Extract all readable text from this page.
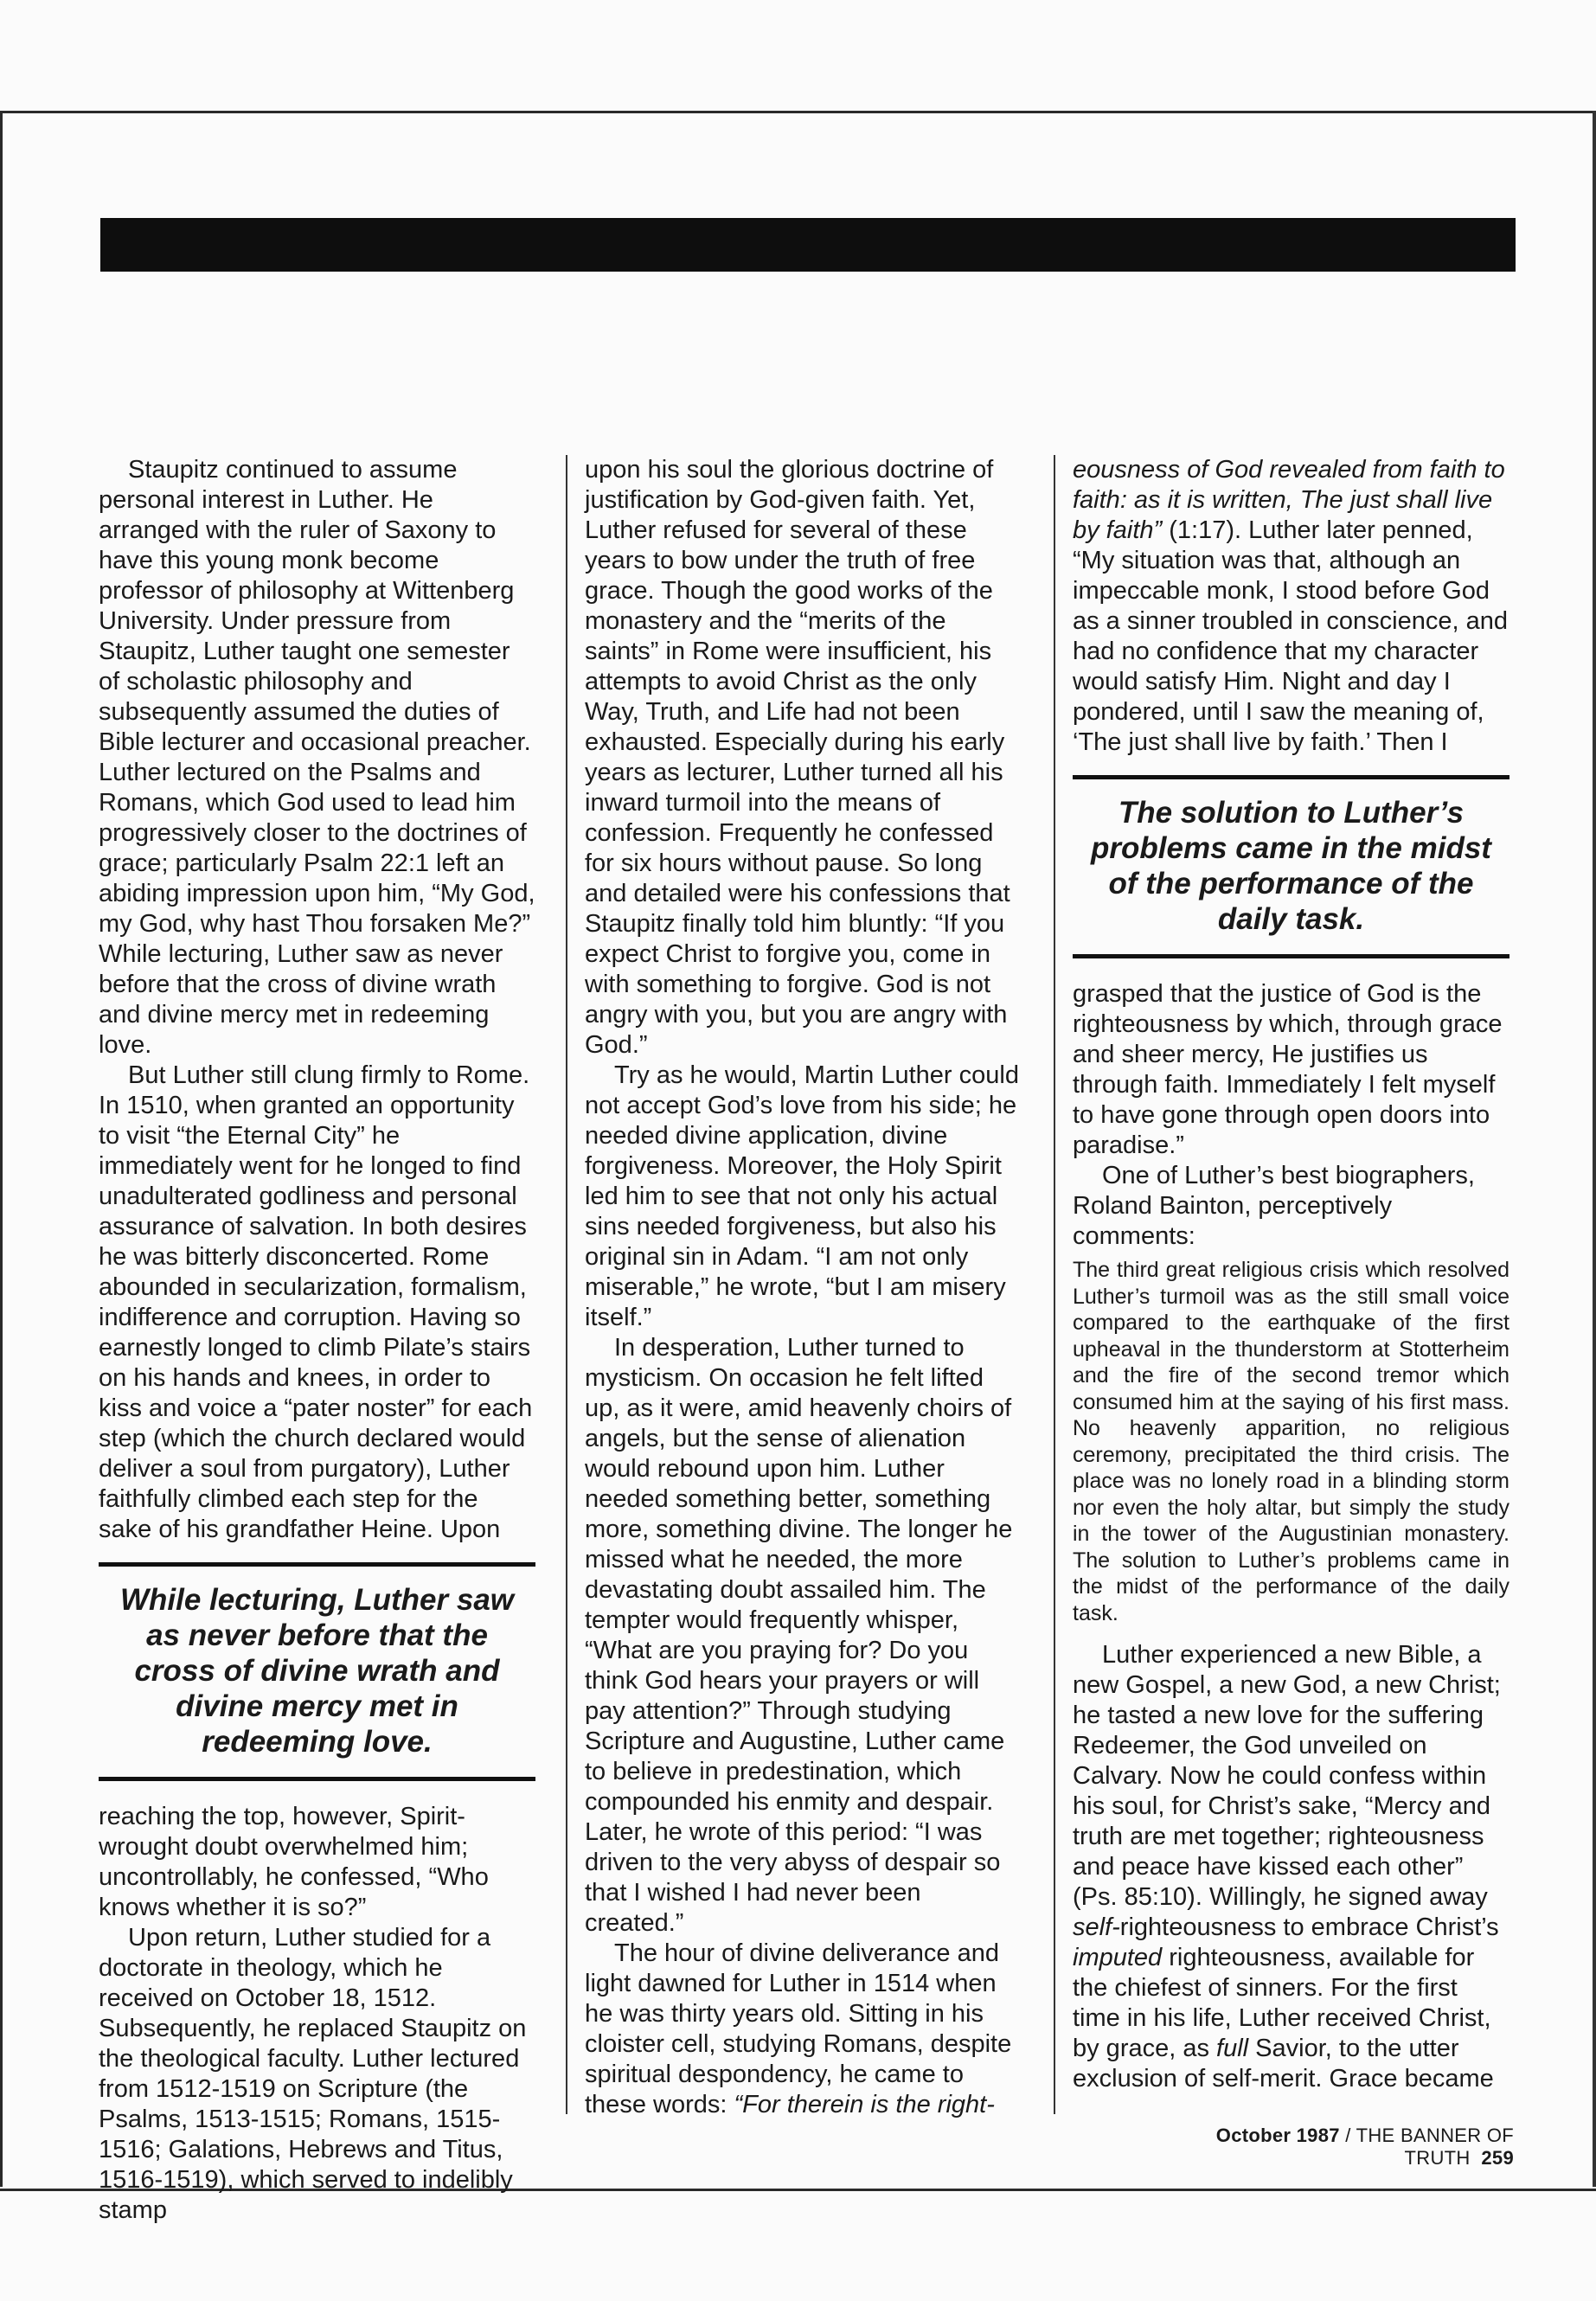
Staupitz continued to assume personal interest in Luther. He arranged with the ruler of Saxony to have this young monk become professor of philosophy at Wittenberg University. Under pressure from Staupitz, Luther taught one semester of scholastic philosophy and subsequently assumed the duties of Bible lecturer and occasional preacher. Luther lectured on the Psalms and Romans, which God used to lead him progressively closer to the doctrines of grace; particularly Psalm 22:1 left an abiding impression upon him, “My God, my God, why hast Thou forsaken Me?” While lecturing, Luther saw as never before that the cross of divine wrath and divine mercy met in redeeming love.

But Luther still clung firmly to Rome. In 1510, when granted an opportunity to visit “the Eternal City” he immediately went for he longed to find unadulterated godliness and personal assurance of salvation. In both desires he was bitterly disconcerted. Rome abounded in secularization, formalism, indifference and corruption. Having so earnestly longed to climb Pilate’s stairs on his hands and knees, in order to kiss and voice a “pater noster” for each step (which the church declared would deliver a soul from purgatory), Luther faithfully climbed each step for the sake of his grandfather Heine. Upon

While lecturing, Luther saw as never before that the cross of divine wrath and divine mercy met in redeeming love.

reaching the top, however, Spirit-wrought doubt overwhelmed him; uncontrollably, he confessed, “Who knows whether it is so?”

Upon return, Luther studied for a doctorate in theology, which he received on October 18, 1512. Subsequently, he replaced Staupitz on the theological faculty. Luther lectured from 1512-1519 on Scripture (the Psalms, 1513-1515; Romans, 1515-1516; Galations, Hebrews and Titus, 1516-1519), which served to indelibly stamp

upon his soul the glorious doctrine of justification by God-given faith. Yet, Luther refused for several of these years to bow under the truth of free grace. Though the good works of the monastery and the “merits of the saints” in Rome were insufficient, his attempts to avoid Christ as the only Way, Truth, and Life had not been exhausted. Especially during his early years as lecturer, Luther turned all his inward turmoil into the means of confession. Frequently he confessed for six hours without pause. So long and detailed were his confessions that Staupitz finally told him bluntly: “If you expect Christ to forgive you, come in with something to forgive. God is not angry with you, but you are angry with God.”

Try as he would, Martin Luther could not accept God’s love from his side; he needed divine application, divine forgiveness. Moreover, the Holy Spirit led him to see that not only his actual sins needed forgiveness, but also his original sin in Adam. “I am not only miserable,” he wrote, “but I am misery itself.”

In desperation, Luther turned to mysticism. On occasion he felt lifted up, as it were, amid heavenly choirs of angels, but the sense of alienation would rebound upon him. Luther needed something better, something more, something divine. The longer he missed what he needed, the more devastating doubt assailed him. The tempter would frequently whisper, “What are you praying for? Do you think God hears your prayers or will pay attention?” Through studying Scripture and Augustine, Luther came to believe in predestination, which compounded his enmity and despair. Later, he wrote of this period: “I was driven to the very abyss of despair so that I wished I had never been created.”

The hour of divine deliverance and light dawned for Luther in 1514 when he was thirty years old. Sitting in his cloister cell, studying Romans, despite spiritual despondency, he came to these words: “For therein is the right-

eousness of God revealed from faith to faith: as it is written, The just shall live by faith” (1:17). Luther later penned, “My situation was that, although an impeccable monk, I stood before God as a sinner troubled in conscience, and had no confidence that my character would satisfy Him. Night and day I pondered, until I saw the meaning of, ‘The just shall live by faith.’ Then I

The solution to Luther’s problems came in the midst of the performance of the daily task.

grasped that the justice of God is the righteousness by which, through grace and sheer mercy, He justifies us through faith. Immediately I felt myself to have gone through open doors into paradise.”

One of Luther’s best biographers, Roland Bainton, perceptively comments:

The third great religious crisis which resolved Luther’s turmoil was as the still small voice compared to the earthquake of the first upheaval in the thunderstorm at Stotterheim and the fire of the second tremor which consumed him at the saying of his first mass. No heavenly apparition, no religious ceremony, precipitated the third crisis. The place was no lonely road in a blinding storm nor even the holy altar, but simply the study in the tower of the Augustinian monastery. The solution to Luther’s problems came in the midst of the performance of the daily task.

Luther experienced a new Bible, a new Gospel, a new God, a new Christ; he tasted a new love for the suffering Redeemer, the God unveiled on Calvary. Now he could confess within his soul, for Christ’s sake, “Mercy and truth are met together; righteousness and peace have kissed each other” (Ps. 85:10). Willingly, he signed away self-righteousness to embrace Christ’s imputed righteousness, available for the chiefest of sinners. For the first time in his life, Luther received Christ, by grace, as full Savior, to the utter exclusion of self-merit. Grace became

October 1987 / THE BANNER OF TRUTH 259
